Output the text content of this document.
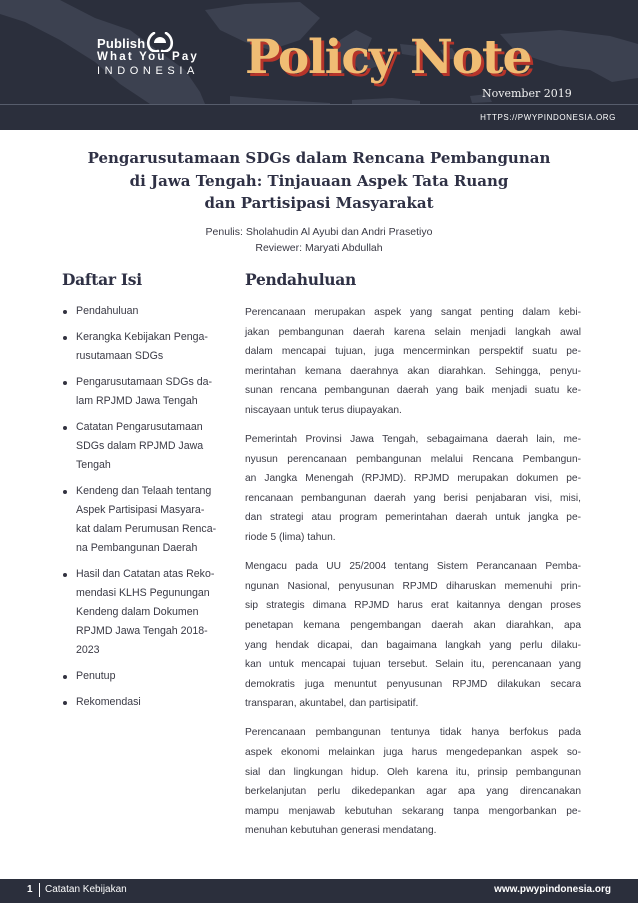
Publish
What You Pay
INDONESIA Policy Note
November 2019
HTTPS://PWYPINDONESIA.ORG
Pengarusutamaan SDGs dalam Rencana Pembangunan
di Jawa Tengah: Tinjauaan Aspek Tata Ruang
dan Partisipasi Masyarakat
Penulis: Sholahudin Al Ayubi dan Andri Prasetiyo
Reviewer: Maryati Abdullah
Daftar Isi
Pendahuluan
Kerangka Kebijakan Penga-
rusutamaan SDGs
Pengarusutamaan SDGs da-
lam RPJMD Jawa Tengah
Catatan Pengarusutamaan
SDGs dalam RPJMD Jawa
Tengah
Kendeng dan Telaah tentang
Aspek Partisipasi Masyara-
kat dalam Perumusan Renca-
na Pembangunan Daerah
Hasil dan Catatan atas Reko-
mendasi KLHS Pegunungan
Kendeng dalam Dokumen
RPJMD Jawa Tengah 2018-
2023
Penutup
Rekomendasi
Pendahuluan
Perencanaan merupakan aspek yang sangat penting dalam kebi-
jakan pembangunan daerah karena selain menjadi langkah awal
dalam mencapai tujuan, juga mencerminkan perspektif suatu pe-
merintahan kemana daerahnya akan diarahkan. Sehingga, penyu-
sunan rencana pembangunan daerah yang baik menjadi suatu ke-
niscayaan untuk terus diupayakan.
Pemerintah Provinsi Jawa Tengah, sebagaimana daerah lain, me-
nyusun perencanaan pembangunan melalui Rencana Pembangun-
an Jangka Menengah (RPJMD). RPJMD merupakan dokumen pe-
rencanaan pembangunan daerah yang berisi penjabaran visi, misi,
dan strategi atau program pemerintahan daerah untuk jangka pe-
riode 5 (lima) tahun.
Mengacu pada UU 25/2004 tentang Sistem Perancanaan Pemba-
ngunan Nasional, penyusunan RPJMD diharuskan memenuhi prin-
sip strategis dimana RPJMD harus erat kaitannya dengan proses
penetapan kemana pengembangan daerah akan diarahkan, apa
yang hendak dicapai, dan bagaimana langkah yang perlu dilaku-
kan untuk mencapai tujuan tersebut. Selain itu, perencanaan yang
demokratis juga menuntut penyusunan RPJMD dilakukan secara
transparan, akuntabel, dan partisipatif.
Perencanaan pembangunan tentunya tidak hanya berfokus pada
aspek ekonomi melainkan juga harus mengedepankan aspek so-
sial dan lingkungan hidup. Oleh karena itu, prinsip pembangunan
berkelanjutan perlu dikedepankan agar apa yang direncanakan
mampu menjawab kebutuhan sekarang tanpa mengorbankan pe-
menuhan kebutuhan generasi mendatang.
1 Catatan Kebijakan	www.pwypindonesia.org
